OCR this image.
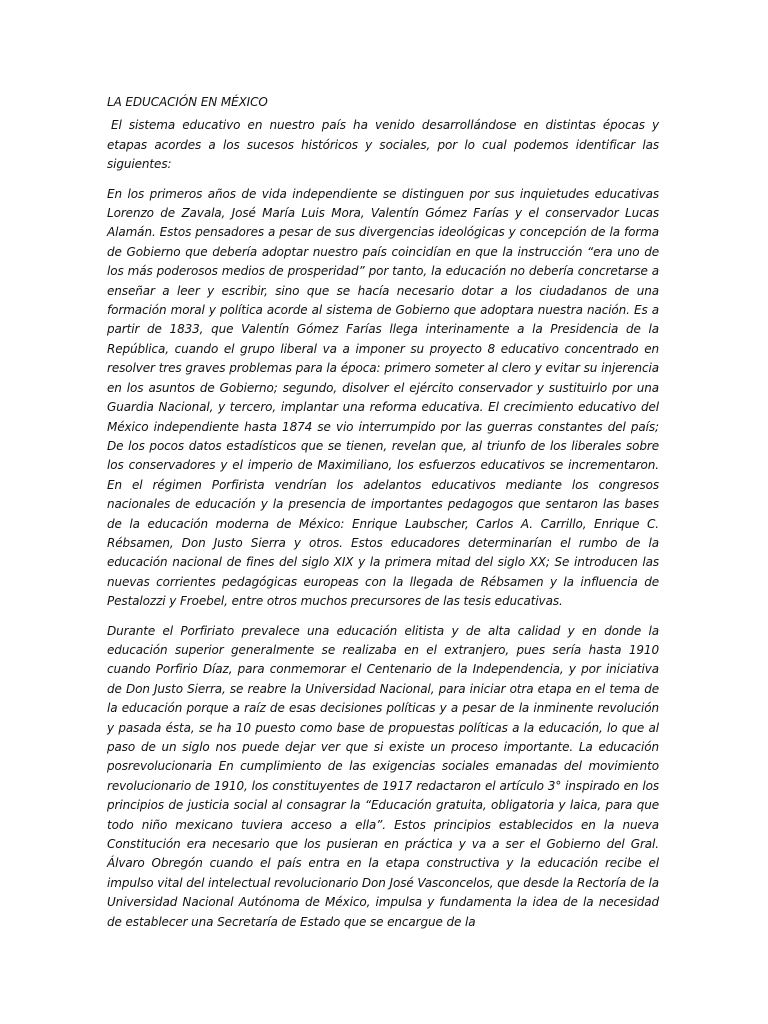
LA EDUCACIÓN EN MÉXICO

El sistema educativo en nuestro país ha venido desarrollándose en distintas épocas y etapas acordes a los sucesos históricos y sociales, por lo cual podemos identificar las siguientes:

En los primeros años de vida independiente se distinguen por sus inquietudes educativas Lorenzo de Zavala, José María Luis Mora, Valentín Gómez Farías y el conservador Lucas Alamán. Estos pensadores a pesar de sus divergencias ideológicas y concepción de la forma de Gobierno que debería adoptar nuestro país coincidían en que la instrucción “era uno de los más poderosos medios de prosperidad” por tanto, la educación no debería concretarse a enseñar a leer y escribir, sino que se hacía necesario dotar a los ciudadanos de una formación moral y política acorde al sistema de Gobierno que adoptara nuestra nación. Es a partir de 1833, que Valentín Gómez Farías llega interinamente a la Presidencia de la República, cuando el grupo liberal va a imponer su proyecto 8 educativo concentrado en resolver tres graves problemas para la época: primero someter al clero y evitar su injerencia en los asuntos de Gobierno; segundo, disolver el ejército conservador y sustituirlo por una Guardia Nacional, y tercero, implantar una reforma educativa. El crecimiento educativo del México independiente hasta 1874 se vio interrumpido por las guerras constantes del país; De los pocos datos estadísticos que se tienen, revelan que, al triunfo de los liberales sobre los conservadores y el imperio de Maximiliano, los esfuerzos educativos se incrementaron. En el régimen Porfirista vendrían los adelantos educativos mediante los congresos nacionales de educación y la presencia de importantes pedagogos que sentaron las bases de la educación moderna de México: Enrique Laubscher, Carlos A. Carrillo, Enrique C. Rébsamen, Don Justo Sierra y otros. Estos educadores determinarían el rumbo de la educación nacional de fines del siglo XIX y la primera mitad del siglo XX; Se introducen las nuevas corrientes pedagógicas europeas con la llegada de Rébsamen y la influencia de Pestalozzi y Froebel, entre otros muchos precursores de las tesis educativas.

Durante el Porfiriato prevalece una educación elitista y de alta calidad y en donde la educación superior generalmente se realizaba en el extranjero, pues sería hasta 1910 cuando Porfirio Díaz, para conmemorar el Centenario de la Independencia, y por iniciativa de Don Justo Sierra, se reabre la Universidad Nacional, para iniciar otra etapa en el tema de la educación porque a raíz de esas decisiones políticas y a pesar de la inminente revolución y pasada ésta, se ha 10 puesto como base de propuestas políticas a la educación, lo que al paso de un siglo nos puede dejar ver que si existe un proceso importante. La educación posrevolucionaria En cumplimiento de las exigencias sociales emanadas del movimiento revolucionario de 1910, los constituyentes de 1917 redactaron el artículo 3° inspirado en los principios de justicia social al consagrar la “Educación gratuita, obligatoria y laica, para que todo niño mexicano tuviera acceso a ella”. Estos principios establecidos en la nueva Constitución era necesario que los pusieran en práctica y va a ser el Gobierno del Gral. Álvaro Obregón cuando el país entra en la etapa constructiva y la educación recibe el impulso vital del intelectual revolucionario Don José Vasconcelos, que desde la Rectoría de la Universidad Nacional Autónoma de México, impulsa y fundamenta la idea de la necesidad de establecer una Secretaría de Estado que se encargue de la
